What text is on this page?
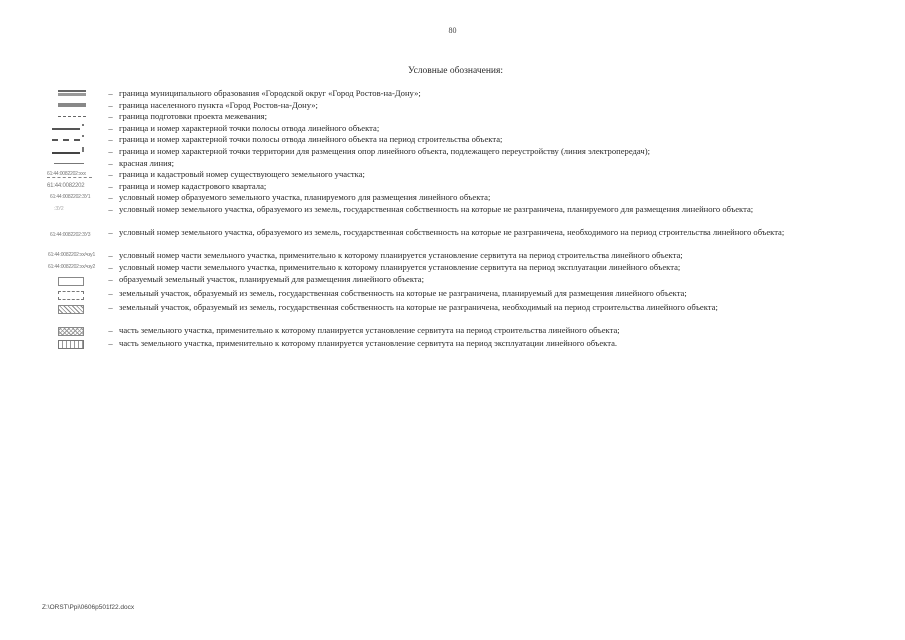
80
Условные обозначения:
– граница муниципального образования «Городской округ «Город Ростов-на-Дону»;
– граница населенного пункта «Город Ростов-на-Дону»;
– граница подготовки проекта межевания;
– граница и номер характерной точки полосы отвода линейного объекта;
– граница и номер характерной точки полосы отвода линейного объекта на период строительства объекта;
– граница и номер характерной точки территории для размещения опор линейного объекта, подлежащего переустройству (линия электропередач);
– красная линия;
61:44:0082202:xxx	– граница и кадастровый номер существующего земельного участка;
61:44:0082202	– граница и номер кадастрового квартала;
61:44:0082202:ЗУ1	– условный номер образуемого земельного участка, планируемого для размещения линейного объекта;
:ЗУ2	– условный номер земельного участка, образуемого из земель, государственная собственность на которые не разграничена, планируемого для размещения линейного объекта;
61:44:0082202:ЗУ3	– условный номер земельного участка, образуемого из земель, государственная собственность на которые не разграничена, необходимого на период строительства линейного объекта;
61:44:0082202:xx/чзу1	– условный номер части земельного участка, применительно к которому планируется установление сервитута на период строительства линейного объекта;
61:44:0082202:xx/чзу2	– условный номер части земельного участка, применительно к которому планируется установление сервитута на период эксплуатации линейного объекта;
– образуемый земельный участок, планируемый для размещения линейного объекта;
– земельный участок, образуемый из земель, государственная собственность на которые не разграничена, планируемый для размещения линейного объекта;
– земельный участок, образуемый из земель, государственная собственность на которые не разграничена, необходимый на период строительства линейного объекта;
– часть земельного участка, применительно к которому планируется установление сервитута на период строительства линейного объекта;
– часть земельного участка, применительно к которому планируется установление сервитута на период эксплуатации линейного объекта.
Z:\ORST\Ppi\0606p501f22.docx
